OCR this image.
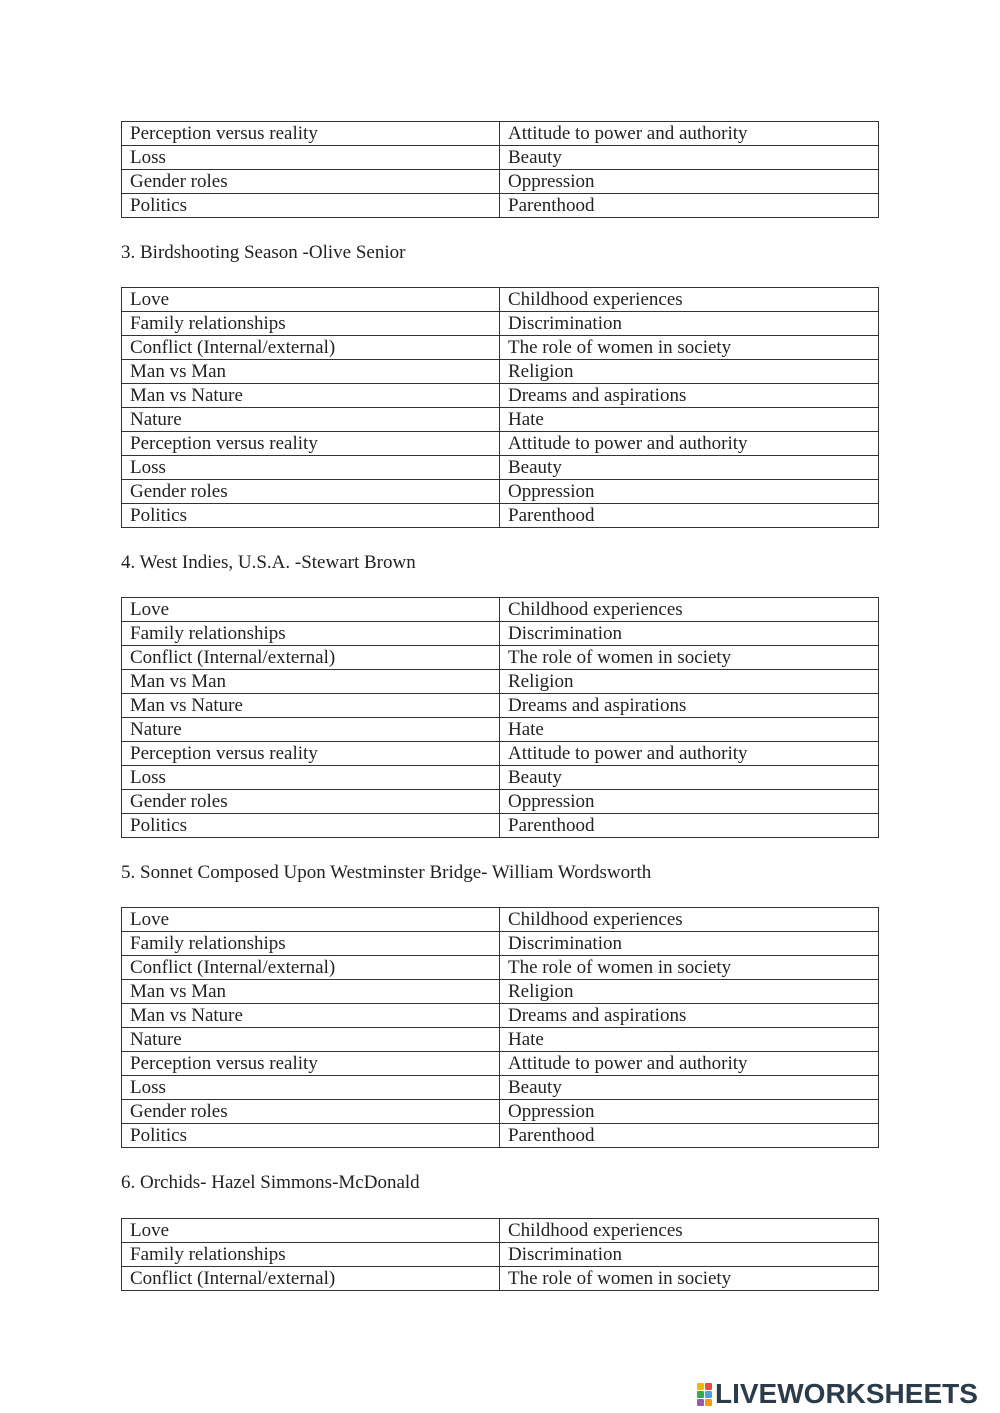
Perception versus reality	Attitude to power and authority
Loss	Beauty
Gender roles	Oppression
Politics	Parenthood
3. Birdshooting Season -Olive Senior
Love	Childhood experiences
Family relationships	Discrimination
Conflict (Internal/external)	The role of women in society
Man vs Man	Religion
Man vs Nature	Dreams and aspirations
Nature	Hate
Perception versus reality	Attitude to power and authority
Loss	Beauty
Gender roles	Oppression
Politics	Parenthood
4. West Indies, U.S.A. -Stewart Brown
Love	Childhood experiences
Family relationships	Discrimination
Conflict (Internal/external)	The role of women in society
Man vs Man	Religion
Man vs Nature	Dreams and aspirations
Nature	Hate
Perception versus reality	Attitude to power and authority
Loss	Beauty
Gender roles	Oppression
Politics	Parenthood
5. Sonnet Composed Upon Westminster Bridge- William Wordsworth
Love	Childhood experiences
Family relationships	Discrimination
Conflict (Internal/external)	The role of women in society
Man vs Man	Religion
Man vs Nature	Dreams and aspirations
Nature	Hate
Perception versus reality	Attitude to power and authority
Loss	Beauty
Gender roles	Oppression
Politics	Parenthood
6. Orchids- Hazel Simmons-McDonald
Love	Childhood experiences
Family relationships	Discrimination
Conflict (Internal/external)	The role of women in society
LIVEWORKSHEETS
